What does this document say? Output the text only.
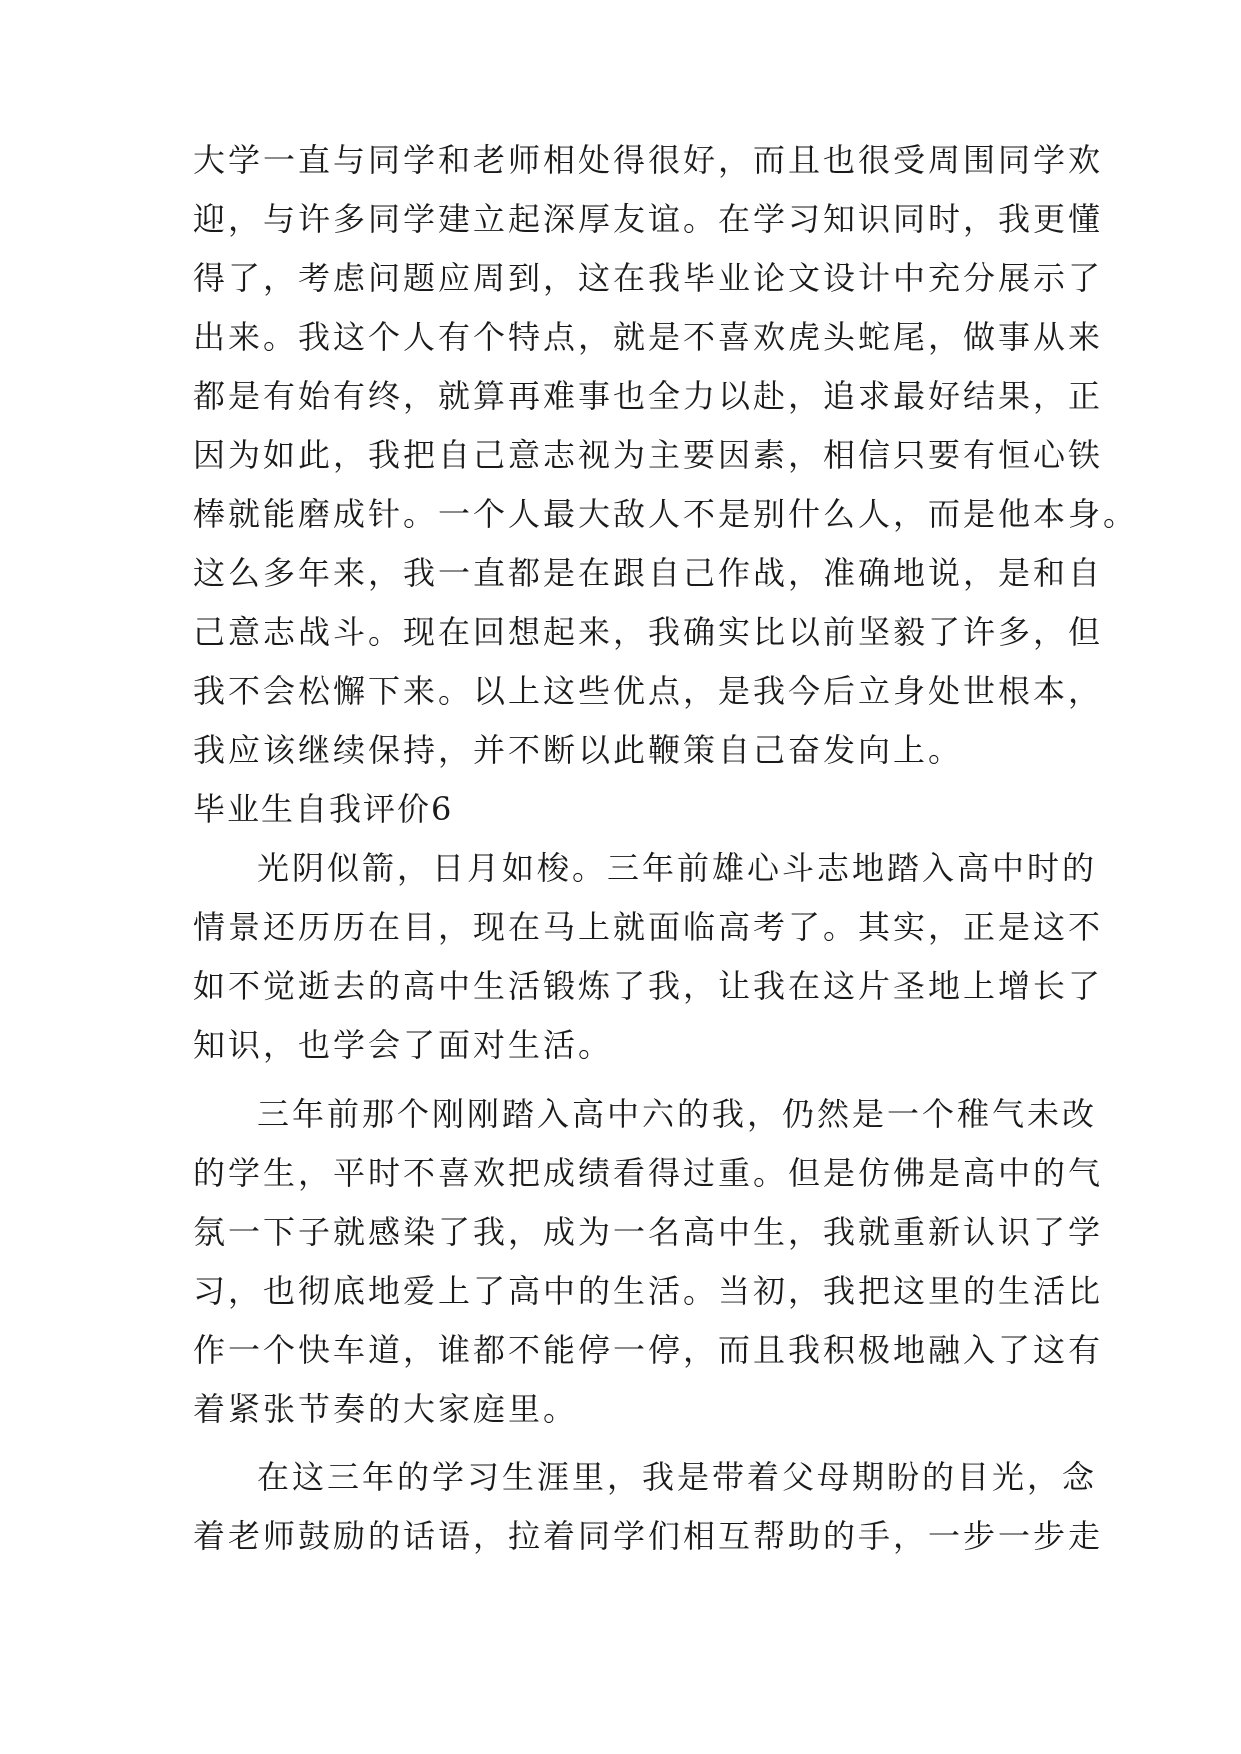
大学一直与同学和老师相处得很好，而且也很受周围同学欢
迎，与许多同学建立起深厚友谊。在学习知识同时，我更懂
得了，考虑问题应周到，这在我毕业论文设计中充分展示了
出来。我这个人有个特点，就是不喜欢虎头蛇尾，做事从来
都是有始有终，就算再难事也全力以赴，追求最好结果，正
因为如此，我把自己意志视为主要因素，相信只要有恒心铁
棒就能磨成针。一个人最大敌人不是别什么人，而是他本身。
这么多年来，我一直都是在跟自己作战，准确地说，是和自
己意志战斗。现在回想起来，我确实比以前坚毅了许多，但
我不会松懈下来。以上这些优点，是我今后立身处世根本，
我应该继续保持，并不断以此鞭策自己奋发向上。
毕业生自我评价6
光阴似箭，日月如梭。三年前雄心斗志地踏入高中时的
情景还历历在目，现在马上就面临高考了。其实，正是这不
如不觉逝去的高中生活锻炼了我，让我在这片圣地上增长了
知识，也学会了面对生活。
三年前那个刚刚踏入高中六的我，仍然是一个稚气未改
的学生，平时不喜欢把成绩看得过重。但是仿佛是高中的气
氛一下子就感染了我，成为一名高中生，我就重新认识了学
习，也彻底地爱上了高中的生活。当初，我把这里的生活比
作一个快车道，谁都不能停一停，而且我积极地融入了这有
着紧张节奏的大家庭里。
在这三年的学习生涯里，我是带着父母期盼的目光，念
着老师鼓励的话语，拉着同学们相互帮助的手，一步一步走
